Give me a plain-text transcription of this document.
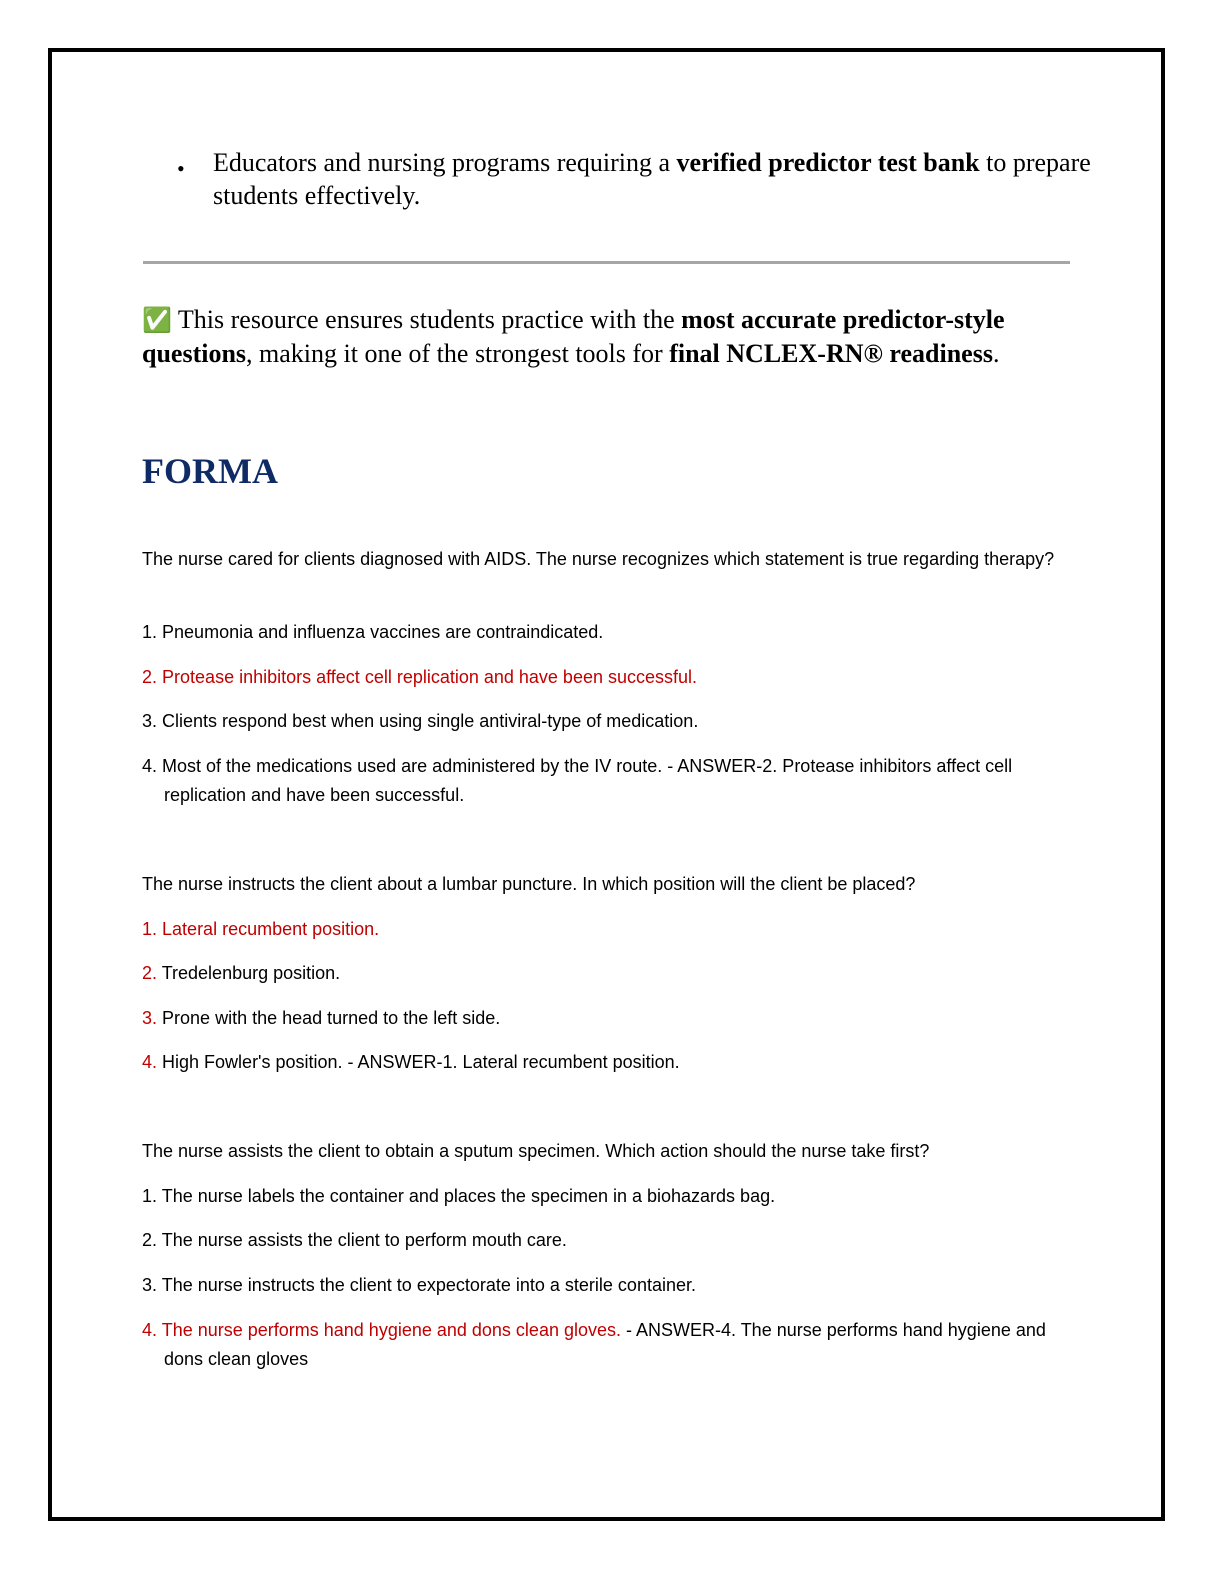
• Educators and nursing programs requiring a verified predictor test bank to prepare students effectively.
✅ This resource ensures students practice with the most accurate predictor-style questions, making it one of the strongest tools for final NCLEX-RN® readiness.
FORMA
The nurse cared for clients diagnosed with AIDS. The nurse recognizes which statement is true regarding therapy?
1. Pneumonia and influenza vaccines are contraindicated.
2. Protease inhibitors affect cell replication and have been successful.
3. Clients respond best when using single antiviral-type of medication.
4. Most of the medications used are administered by the IV route. - ANSWER-2. Protease inhibitors affect cell replication and have been successful.
The nurse instructs the client about a lumbar puncture. In which position will the client be placed?
1. Lateral recumbent position.
2. Tredelenburg position.
3. Prone with the head turned to the left side.
4. High Fowler's position. - ANSWER-1. Lateral recumbent position.
The nurse assists the client to obtain a sputum specimen. Which action should the nurse take first?
1. The nurse labels the container and places the specimen in a biohazards bag.
2. The nurse assists the client to perform mouth care.
3. The nurse instructs the client to expectorate into a sterile container.
4. The nurse performs hand hygiene and dons clean gloves. - ANSWER-4. The nurse performs hand hygiene and dons clean gloves
